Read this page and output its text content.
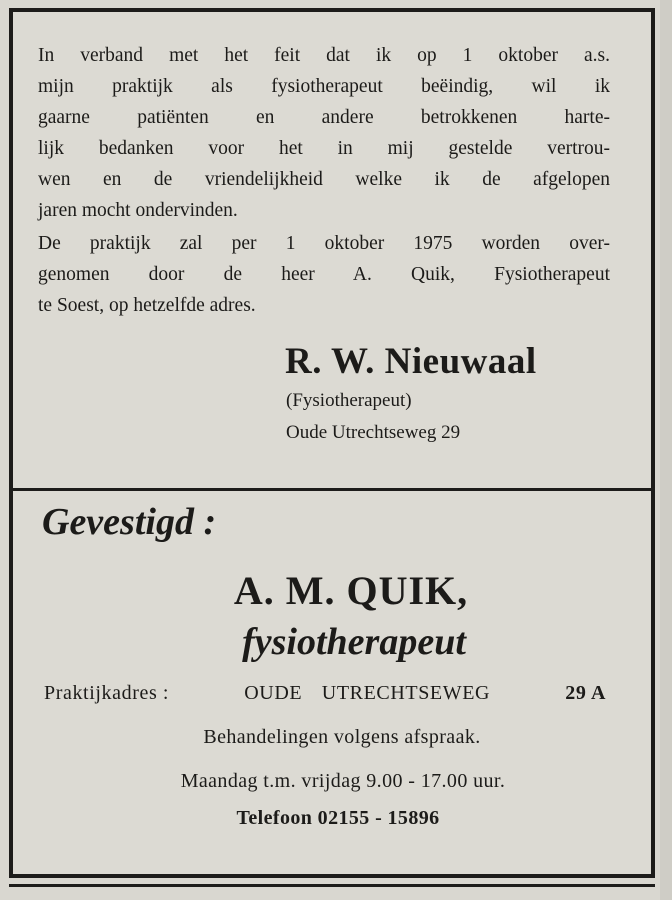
In verband met het feit dat ik op 1 oktober a.s.
mijn praktijk als fysiotherapeut beëindig, wil ik
gaarne patiënten en andere betrokkenen harte-
lijk bedanken voor het in mij gestelde vertrou-
wen en de vriendelijkheid welke ik de afgelopen
jaren mocht ondervinden.

De praktijk zal per 1 oktober 1975 worden over-
genomen door de heer A. Quik, Fysiotherapeut
te Soest, op hetzelfde adres.

R. W. Nieuwaal
(Fysiotherapeut)
Oude Utrechtseweg 29
Gevestigd :
A. M. QUIK,
fysiotherapeut
Praktijkadres :	OUDE UTRECHTSEWEG	29 A
Behandelingen volgens afspraak.
Maandag t.m. vrijdag 9.00 - 17.00 uur.
Telefoon 02155 - 15896
